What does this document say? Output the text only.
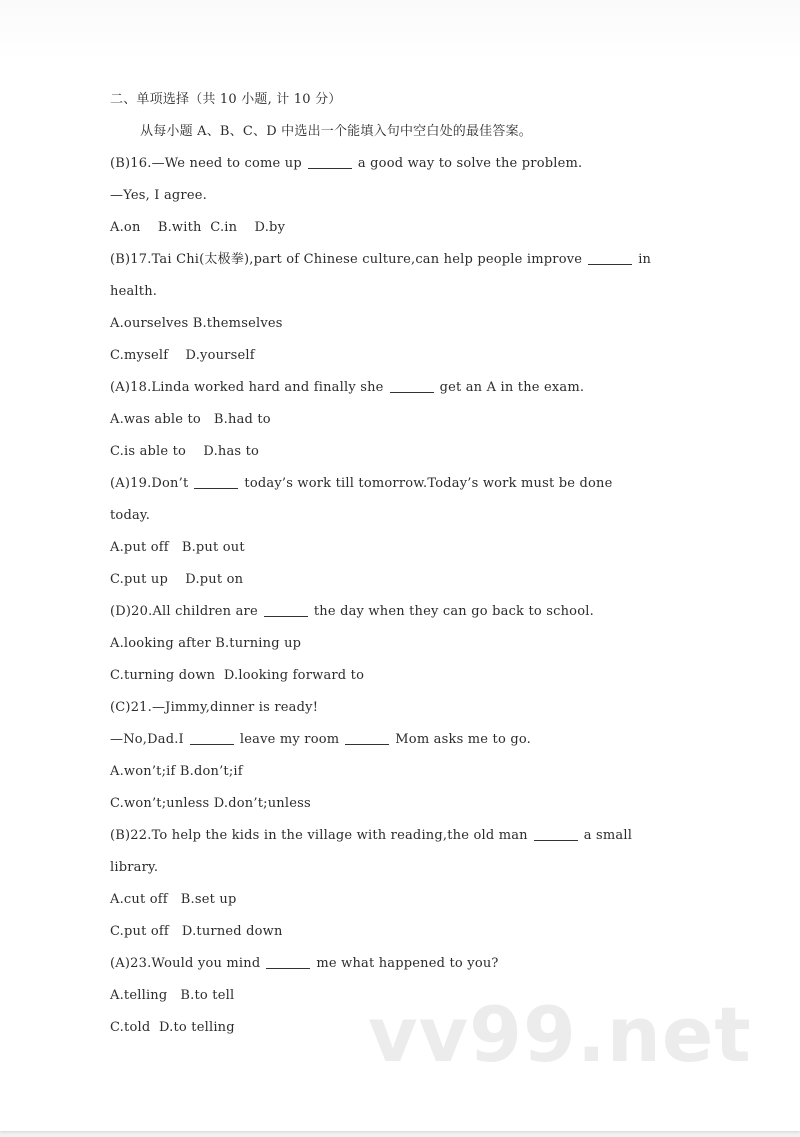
二、单项选择（共 10 小题, 计 10 分）
从每小题 A、B、C、D 中选出一个能填入句中空白处的最佳答案。
(B)16.—We need to come up	a good way to solve the problem.
—Yes, I agree.
A.on    B.with  C.in    D.by
(B)17.Tai Chi(太极拳),part of Chinese culture,can help people improve	in
health.
A.ourselves B.themselves
C.myself    D.yourself
(A)18.Linda worked hard and finally she	get an A in the exam.
A.was able to   B.had to
C.is able to    D.has to
(A)19.Don’t	today’s work till tomorrow.Today’s work must be done
today.
A.put off   B.put out
C.put up    D.put on
(D)20.All children are	the day when they can go back to school.
A.looking after B.turning up
C.turning down  D.looking forward to
(C)21.—Jimmy,dinner is ready!
—No,Dad.I	leave my room	Mom asks me to go.
A.won’t;if B.don’t;if
C.won’t;unless D.don’t;unless
(B)22.To help the kids in the village with reading,the old man	a small
library.
A.cut off   B.set up
C.put off   D.turned down
(A)23.Would you mind	me what happened to you?
A.telling   B.to tell
C.told  D.to telling	vv99.net
